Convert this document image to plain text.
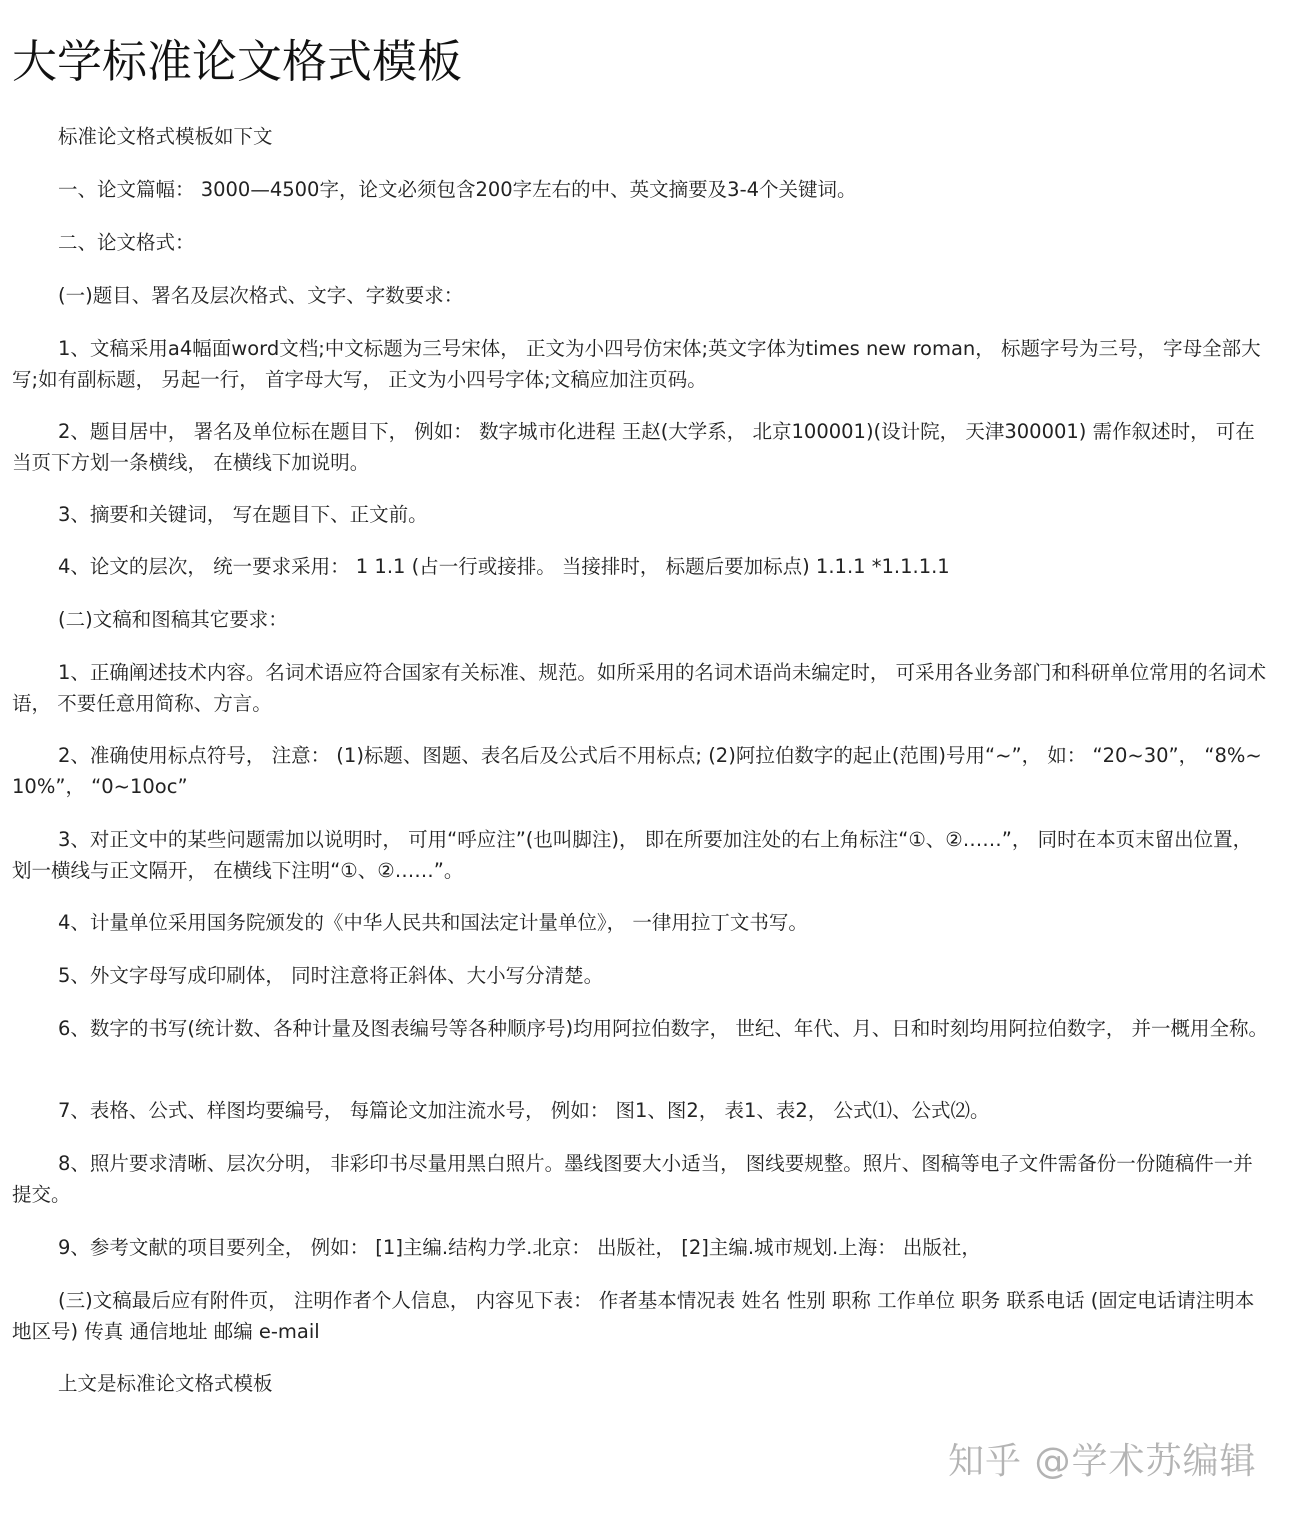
大学标准论文格式模板

标准论文格式模板如下文

一、论文篇幅： 3000—4500字，论文必须包含200字左右的中、英文摘要及3-4个关键词。

二、论文格式：

(一)题目、署名及层次格式、文字、字数要求：

1、文稿采用a4幅面word文档;中文标题为三号宋体， 正文为小四号仿宋体;英文字体为times new roman， 标题字号为三号， 字母全部大写;如有副标题， 另起一行， 首字母大写， 正文为小四号字体;文稿应加注页码。

2、题目居中， 署名及单位标在题目下， 例如： 数字城市化进程 王赵(大学系， 北京100001)(设计院， 天津300001) 需作叙述时， 可在当页下方划一条横线， 在横线下加说明。

3、摘要和关键词， 写在题目下、正文前。

4、论文的层次， 统一要求采用： 1 1.1 (占一行或接排。 当接排时， 标题后要加标点) 1.1.1 *1.1.1.1

(二)文稿和图稿其它要求：

1、正确阐述技术内容。名词术语应符合国家有关标准、规范。如所采用的名词术语尚未编定时， 可采用各业务部门和科研单位常用的名词术语， 不要任意用简称、方言。

2、准确使用标点符号， 注意： (1)标题、图题、表名后及公式后不用标点; (2)阿拉伯数字的起止(范围)号用“~”， 如： “20~30”， “8%~10%”， “0~10oc”

3、对正文中的某些问题需加以说明时， 可用“呼应注”(也叫脚注)， 即在所要加注处的右上角标注“①、②……”， 同时在本页末留出位置， 划一横线与正文隔开， 在横线下注明“①、②……”。

4、计量单位采用国务院颁发的《中华人民共和国法定计量单位》， 一律用拉丁文书写。

5、外文字母写成印刷体， 同时注意将正斜体、大小写分清楚。

6、数字的书写(统计数、各种计量及图表编号等各种顺序号)均用阿拉伯数字， 世纪、年代、月、日和时刻均用阿拉伯数字， 并一概用全称。

7、表格、公式、样图均要编号， 每篇论文加注流水号， 例如： 图1、图2， 表1、表2， 公式⑴、公式⑵。

8、照片要求清晰、层次分明， 非彩印书尽量用黑白照片。墨线图要大小适当， 图线要规整。照片、图稿等电子文件需备份一份随稿件一并提交。

9、参考文献的项目要列全， 例如： [1]主编.结构力学.北京： 出版社， [2]主编.城市规划.上海： 出版社，

(三)文稿最后应有附件页， 注明作者个人信息， 内容见下表： 作者基本情况表 姓名 性别 职称 工作单位 职务 联系电话 (固定电话请注明本地区号) 传真 通信地址 邮编 e-mail

上文是标准论文格式模板

知乎 @学术苏编辑
